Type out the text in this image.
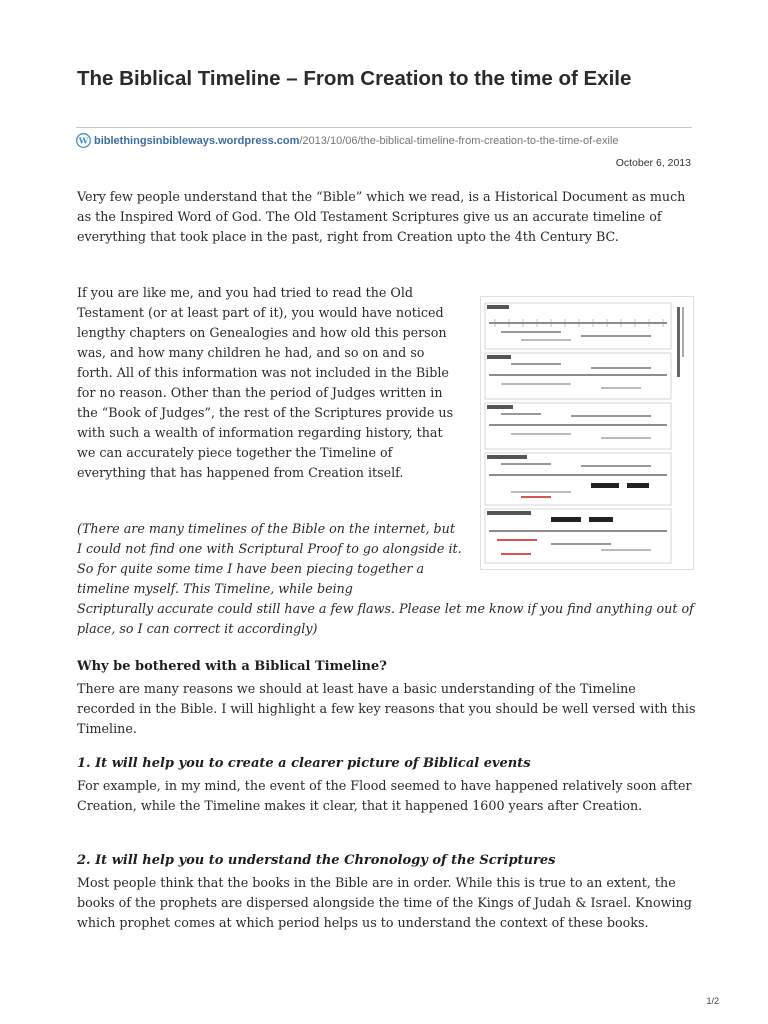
The Biblical Timeline – From Creation to the time of Exile
W biblethingsinbibleways.wordpress.com/2013/10/06/the-biblical-timeline-from-creation-to-the-time-of-exile
October 6, 2013

Very few people understand that the “Bible” which we read, is a Historical Document as much as the Inspired Word of God. The Old Testament Scriptures give us an accurate timeline of everything that took place in the past, right from Creation upto the 4th Century BC.

If you are like me, and you had tried to read the Old Testament (or at least part of it), you would have noticed lengthy chapters on Genealogies and how old this person was, and how many children he had, and so on and so forth. All of this information was not included in the Bible for no reason. Other than the period of Judges written in the “Book of Judges”, the rest of the Scriptures provide us with such a wealth of information regarding history, that we can accurately piece together the Timeline of everything that has happened from Creation itself.

(There are many timelines of the Bible on the internet, but I could not find one with Scriptural Proof to go alongside it. So for quite some time I have been piecing together a timeline myself. This Timeline, while being
Scripturally accurate could still have a few flaws. Please let me know if you find anything out of place, so I can correct it accordingly)

Why be bothered with a Biblical Timeline?

There are many reasons we should at least have a basic understanding of the Timeline recorded in the Bible. I will highlight a few key reasons that you should be well versed with this Timeline.

1. It will help you to create a clearer picture of Biblical events

For example, in my mind, the event of the Flood seemed to have happened relatively soon after Creation, while the Timeline makes it clear, that it happened 1600 years after Creation.

2. It will help you to understand the Chronology of the Scriptures

Most people think that the books in the Bible are in order. While this is true to an extent, the books of the prophets are dispersed alongside the time of the Kings of Judah & Israel. Knowing which prophet comes at which period helps us to understand the context of these books.

1/2
